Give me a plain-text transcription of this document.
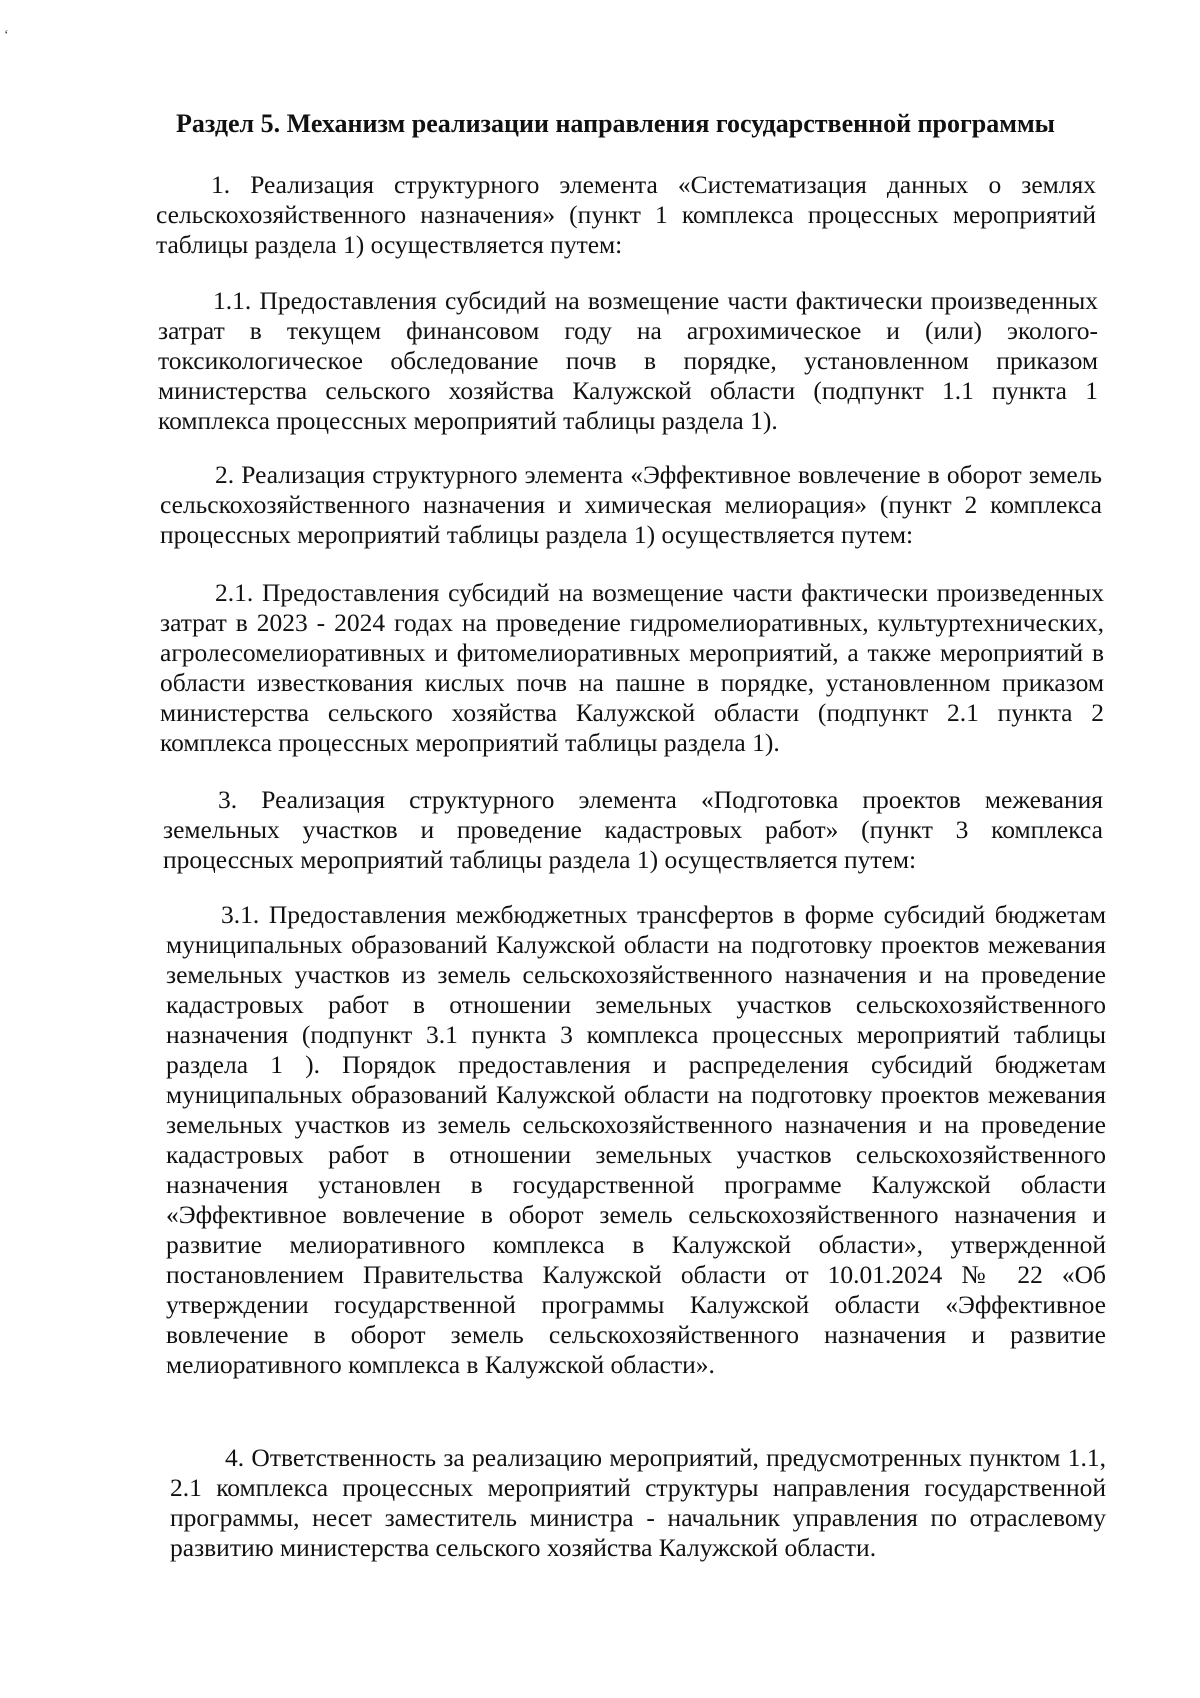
‘
Раздел 5. Механизм реализации направления государственной программы

1. Реализация структурного элемента «Систематизация данных о землях сельскохозяйственного назначения» (пункт 1 комплекса процессных мероприятий таблицы раздела 1) осуществляется путем:

1.1. Предоставления субсидий на возмещение части фактически произведенных затрат в текущем финансовом году на агрохимическое и (или) эколого-токсикологическое обследование почв в порядке, установленном приказом министерства сельского хозяйства Калужской области (подпункт 1.1 пункта 1 комплекса процессных мероприятий таблицы раздела 1).

2. Реализация структурного элемента «Эффективное вовлечение в оборот земель сельскохозяйственного назначения и химическая мелиорация» (пункт 2 комплекса процессных мероприятий таблицы раздела 1) осуществляется путем:

2.1. Предоставления субсидий на возмещение части фактически произведенных затрат в 2023 - 2024 годах на проведение гидромелиоративных, культуртехнических, агролесомелиоративных и фитомелиоративных мероприятий, а также мероприятий в области известкования кислых почв на пашне в порядке, установленном приказом министерства сельского хозяйства Калужской области (подпункт 2.1 пункта 2 комплекса процессных мероприятий таблицы раздела 1).

3. Реализация структурного элемента «Подготовка проектов межевания земельных участков и проведение кадастровых работ» (пункт 3 комплекса процессных мероприятий таблицы раздела 1) осуществляется путем:

3.1. Предоставления межбюджетных трансфертов в форме субсидий бюджетам муниципальных образований Калужской области на подготовку проектов межевания земельных участков из земель сельскохозяйственного назначения и на проведение кадастровых работ в отношении земельных участков сельскохозяйственного назначения (подпункт 3.1 пункта 3 комплекса процессных мероприятий таблицы раздела 1 ). Порядок предоставления и распределения субсидий бюджетам муниципальных образований Калужской области на подготовку проектов межевания земельных участков из земель сельскохозяйственного назначения и на проведение кадастровых работ в отношении земельных участков сельскохозяйственного назначения установлен в государственной программе Калужской области «Эффективное вовлечение в оборот земель сельскохозяйственного назначения и развитие мелиоративного комплекса в Калужской области», утвержденной постановлением Правительства Калужской области от 10.01.2024 № 22 «Об утверждении государственной программы Калужской области «Эффективное вовлечение в оборот земель сельскохозяйственного назначения и развитие мелиоративного комплекса в Калужской области».

4. Ответственность за реализацию мероприятий, предусмотренных пунктом 1.1, 2.1 комплекса процессных мероприятий структуры направления государственной программы, несет заместитель министра - начальник управления по отраслевому развитию министерства сельского хозяйства Калужской области.
